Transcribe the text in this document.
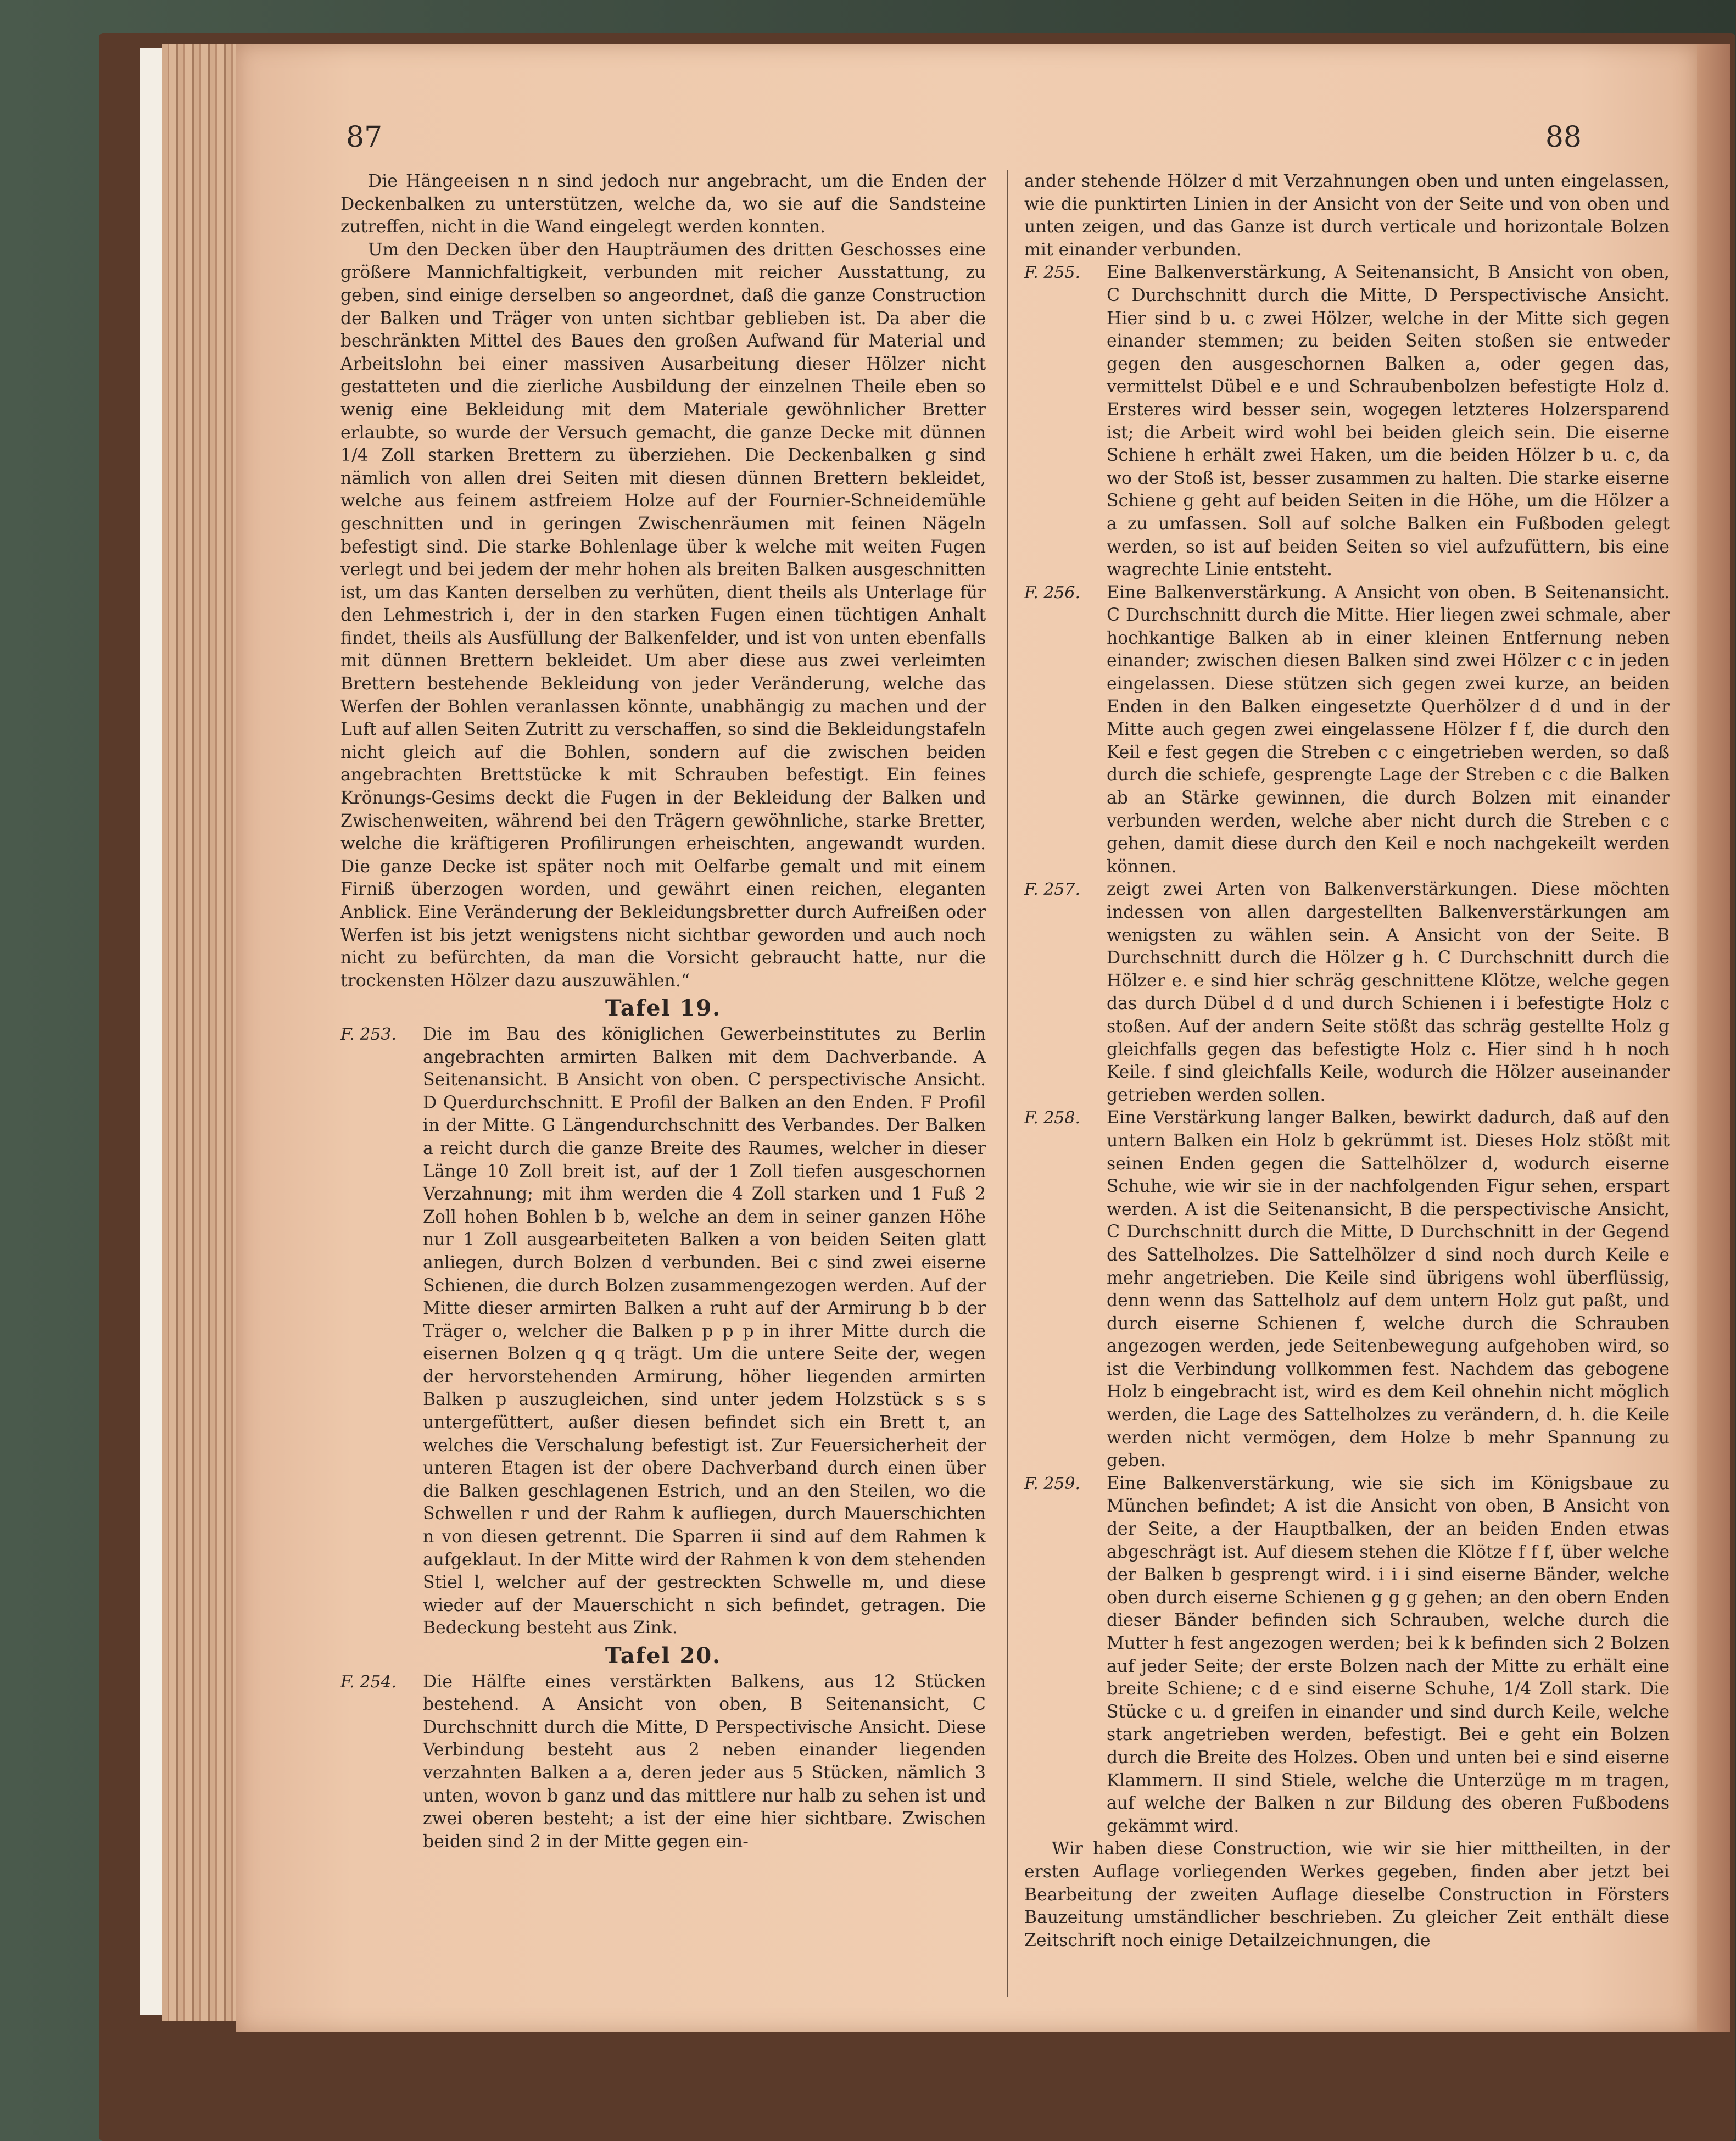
87	88

Die Hängeeisen n n sind jedoch nur angebracht, um die Enden der Deckenbalken zu unterstützen, welche da, wo sie auf die Sandsteine zutreffen, nicht in die Wand eingelegt werden konnten.

Um den Decken über den Haupträumen des dritten Geschosses eine größere Mannichfaltigkeit, verbunden mit reicher Ausstattung, zu geben, sind einige derselben so angeordnet, daß die ganze Construction der Balken und Träger von unten sichtbar geblieben ist. Da aber die beschränkten Mittel des Baues den großen Aufwand für Material und Arbeitslohn bei einer massiven Ausarbeitung dieser Hölzer nicht gestatteten und die zierliche Ausbildung der einzelnen Theile eben so wenig eine Bekleidung mit dem Materiale gewöhnlicher Bretter erlaubte, so wurde der Versuch gemacht, die ganze Decke mit dünnen 1/4 Zoll starken Brettern zu überziehen. Die Deckenbalken g sind nämlich von allen drei Seiten mit diesen dünnen Brettern bekleidet, welche aus feinem astfreiem Holze auf der Fournier-Schneidemühle geschnitten und in geringen Zwischenräumen mit feinen Nägeln befestigt sind. Die starke Bohlenlage über k welche mit weiten Fugen verlegt und bei jedem der mehr hohen als breiten Balken ausgeschnitten ist, um das Kanten derselben zu verhüten, dient theils als Unterlage für den Lehmestrich i, der in den starken Fugen einen tüchtigen Anhalt findet, theils als Ausfüllung der Balkenfelder, und ist von unten ebenfalls mit dünnen Brettern bekleidet. Um aber diese aus zwei verleimten Brettern bestehende Bekleidung von jeder Veränderung, welche das Werfen der Bohlen veranlassen könnte, unabhängig zu machen und der Luft auf allen Seiten Zutritt zu verschaffen, so sind die Bekleidungstafeln nicht gleich auf die Bohlen, sondern auf die zwischen beiden angebrachten Brettstücke k mit Schrauben befestigt. Ein feines Krönungs-Gesims deckt die Fugen in der Bekleidung der Balken und Zwischenweiten, während bei den Trägern gewöhnliche, starke Bretter, welche die kräftigeren Profilirungen erheischten, angewandt wurden. Die ganze Decke ist später noch mit Oelfarbe gemalt und mit einem Firniß überzogen worden, und gewährt einen reichen, eleganten Anblick. Eine Veränderung der Bekleidungsbretter durch Aufreißen oder Werfen ist bis jetzt wenigstens nicht sichtbar geworden und auch noch nicht zu befürchten, da man die Vorsicht gebraucht hatte, nur die trockensten Hölzer dazu auszuwählen.“

Tafel 19.
F. 253. Die im Bau des königlichen Gewerbeinstitutes zu Berlin angebrachten armirten Balken mit dem Dachverbande. A Seitenansicht. B Ansicht von oben. C perspectivische Ansicht. D Querdurchschnitt. E Profil der Balken an den Enden. F Profil in der Mitte. G Längendurchschnitt des Verbandes. Der Balken a reicht durch die ganze Breite des Raumes, welcher in dieser Länge 10 Zoll breit ist, auf der 1 Zoll tiefen ausgeschornen Verzahnung; mit ihm werden die 4 Zoll starken und 1 Fuß 2 Zoll hohen Bohlen b b, welche an dem in seiner ganzen Höhe nur 1 Zoll ausgearbeiteten Balken a von beiden Seiten glatt anliegen, durch Bolzen d verbunden. Bei c sind zwei eiserne Schienen, die durch Bolzen zusammengezogen werden. Auf der Mitte dieser armirten Balken a ruht auf der Armirung b b der Träger o, welcher die Balken p p p in ihrer Mitte durch die eisernen Bolzen q q q trägt. Um die untere Seite der, wegen der hervorstehenden Armirung, höher liegenden armirten Balken p auszugleichen, sind unter jedem Holzstück s s s untergefüttert, außer diesen befindet sich ein Brett t, an welches die Verschalung befestigt ist. Zur Feuersicherheit der unteren Etagen ist der obere Dachverband durch einen über die Balken geschlagenen Estrich, und an den Steilen, wo die Schwellen r und der Rahm k aufliegen, durch Mauerschichten n von diesen getrennt. Die Sparren ii sind auf dem Rahmen k aufgeklaut. In der Mitte wird der Rahmen k von dem stehenden Stiel l, welcher auf der gestreckten Schwelle m, und diese wieder auf der Mauerschicht n sich befindet, getragen. Die Bedeckung besteht aus Zink.
Tafel 20.
F. 254. Die Hälfte eines verstärkten Balkens, aus 12 Stücken bestehend. A Ansicht von oben, B Seitenansicht, C Durchschnitt durch die Mitte, D Perspectivische Ansicht. Diese Verbindung besteht aus 2 neben einander liegenden verzahnten Balken a a, deren jeder aus 5 Stücken, nämlich 3 unten, wovon b ganz und das mittlere nur halb zu sehen ist und zwei oberen besteht; a ist der eine hier sichtbare. Zwischen beiden sind 2 in der Mitte gegen ein-

ander stehende Hölzer d mit Verzahnungen oben und unten eingelassen, wie die punktirten Linien in der Ansicht von der Seite und von oben und unten zeigen, und das Ganze ist durch verticale und horizontale Bolzen mit einander verbunden.

F. 255. Eine Balkenverstärkung, A Seitenansicht, B Ansicht von oben, C Durchschnitt durch die Mitte, D Perspectivische Ansicht. Hier sind b u. c zwei Hölzer, welche in der Mitte sich gegen einander stemmen; zu beiden Seiten stoßen sie entweder gegen den ausgeschornen Balken a, oder gegen das, vermittelst Dübel e e und Schraubenbolzen befestigte Holz d. Ersteres wird besser sein, wogegen letzteres Holzersparend ist; die Arbeit wird wohl bei beiden gleich sein. Die eiserne Schiene h erhält zwei Haken, um die beiden Hölzer b u. c, da wo der Stoß ist, besser zusammen zu halten. Die starke eiserne Schiene g geht auf beiden Seiten in die Höhe, um die Hölzer a a zu umfassen. Soll auf solche Balken ein Fußboden gelegt werden, so ist auf beiden Seiten so viel aufzufüttern, bis eine wagrechte Linie entsteht.
F. 256. Eine Balkenverstärkung. A Ansicht von oben. B Seitenansicht. C Durchschnitt durch die Mitte. Hier liegen zwei schmale, aber hochkantige Balken ab in einer kleinen Entfernung neben einander; zwischen diesen Balken sind zwei Hölzer c c in jeden eingelassen. Diese stützen sich gegen zwei kurze, an beiden Enden in den Balken eingesetzte Querhölzer d d und in der Mitte auch gegen zwei eingelassene Hölzer f f, die durch den Keil e fest gegen die Streben c c eingetrieben werden, so daß durch die schiefe, gesprengte Lage der Streben c c die Balken ab an Stärke gewinnen, die durch Bolzen mit einander verbunden werden, welche aber nicht durch die Streben c c gehen, damit diese durch den Keil e noch nachgekeilt werden können.
F. 257. zeigt zwei Arten von Balkenverstärkungen. Diese möchten indessen von allen dargestellten Balkenverstärkungen am wenigsten zu wählen sein. A Ansicht von der Seite. B Durchschnitt durch die Hölzer g h. C Durchschnitt durch die Hölzer e. e sind hier schräg geschnittene Klötze, welche gegen das durch Dübel d d und durch Schienen i i befestigte Holz c stoßen. Auf der andern Seite stößt das schräg gestellte Holz g gleichfalls gegen das befestigte Holz c. Hier sind h h noch Keile. f sind gleichfalls Keile, wodurch die Hölzer auseinander getrieben werden sollen.
F. 258. Eine Verstärkung langer Balken, bewirkt dadurch, daß auf den untern Balken ein Holz b gekrümmt ist. Dieses Holz stößt mit seinen Enden gegen die Sattelhölzer d, wodurch eiserne Schuhe, wie wir sie in der nachfolgenden Figur sehen, erspart werden. A ist die Seitenansicht, B die perspectivische Ansicht, C Durchschnitt durch die Mitte, D Durchschnitt in der Gegend des Sattelholzes. Die Sattelhölzer d sind noch durch Keile e mehr angetrieben. Die Keile sind übrigens wohl überflüssig, denn wenn das Sattelholz auf dem untern Holz gut paßt, und durch eiserne Schienen f, welche durch die Schrauben angezogen werden, jede Seitenbewegung aufgehoben wird, so ist die Verbindung vollkommen fest. Nachdem das gebogene Holz b eingebracht ist, wird es dem Keil ohnehin nicht möglich werden, die Lage des Sattelholzes zu verändern, d. h. die Keile werden nicht vermögen, dem Holze b mehr Spannung zu geben.
F. 259. Eine Balkenverstärkung, wie sie sich im Königsbaue zu München befindet; A ist die Ansicht von oben, B Ansicht von der Seite, a der Hauptbalken, der an beiden Enden etwas abgeschrägt ist. Auf diesem stehen die Klötze f f f, über welche der Balken b gesprengt wird. i i i sind eiserne Bänder, welche oben durch eiserne Schienen g g g gehen; an den obern Enden dieser Bänder befinden sich Schrauben, welche durch die Mutter h fest angezogen werden; bei k k befinden sich 2 Bolzen auf jeder Seite; der erste Bolzen nach der Mitte zu erhält eine breite Schiene; c d e sind eiserne Schuhe, 1/4 Zoll stark. Die Stücke c u. d greifen in einander und sind durch Keile, welche stark angetrieben werden, befestigt. Bei e geht ein Bolzen durch die Breite des Holzes. Oben und unten bei e sind eiserne Klammern. II sind Stiele, welche die Unterzüge m m tragen, auf welche der Balken n zur Bildung des oberen Fußbodens gekämmt wird.

Wir haben diese Construction, wie wir sie hier mittheilten, in der ersten Auflage vorliegenden Werkes gegeben, finden aber jetzt bei Bearbeitung der zweiten Auflage dieselbe Construction in Försters Bauzeitung umständlicher beschrieben. Zu gleicher Zeit enthält diese Zeitschrift noch einige Detailzeichnungen, die
